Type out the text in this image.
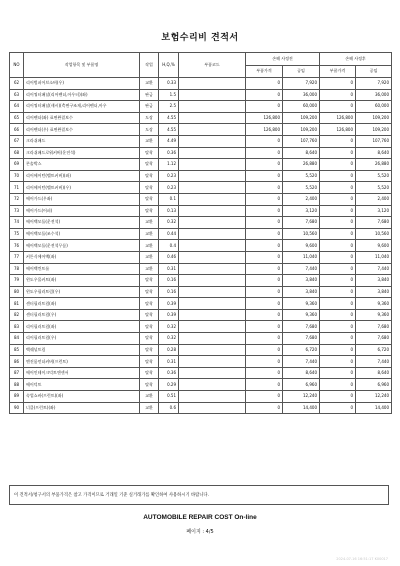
보험수리비 견적서
NO	작업항목 및 부품명	작업	H,Q,%	부품코드	손해 사정전		손해 사정후	
					부품가격	공임	부품가격	공임
62	리어범퍼어브소버(우)	교환	0.33		0	7,920	0	7,920
63	리어쿼터패널(리어펜더,아우터)(좌)	판금	1.5		0	36,000	0	36,000
64	리어쿼터패널(섀시)(측면구조재,리어펜더,아우	판금	2.5		0	60,000	0	60,000
65	리어펜더(좌) 표면완결보수	도장	4.55		126,800	109,200	126,800	109,200
66	리어펜더(우) 표면완결보수	도장	4.55		126,800	109,200	126,800	109,200
67	크라쉬패드	교환	4.49		0	107,760	0	107,760
68	크라쉬패드로워커버(운전석)	탈착	0.36		0	8,640	0	8,640
69	콘솔박스	탈착	1.12		0	26,880	0	26,880
70	리어에어턴(벨트커버)(좌)	탈착	0.23		0	5,520	0	5,520
71	리어에어턴(벨트커버)(우)	탈착	0.23		0	5,520	0	5,520
72	에어가드(우좌)	탈착	0.1		0	2,400	0	2,400
73	에어가드(어퍼)	탈착	0.13		0	3,120	0	3,120
74	에어백모듈(운전석)	교환	0.32		0	7,680	0	7,680
75	에어백모듈(조수석)	교환	0.44		0	10,560	0	10,560
76	에어백모듈(운전석무릎)	교환	0.4		0	9,600	0	9,600
77	커튼식에어백(좌)	교환	0.46		0	11,040	0	11,040
78	에어백컨트롤	교환	0.31		0	7,440	0	7,440
79	윈도우몰커트(좌)	탈착	0.16		0	3,840	0	3,840
80	윈도우필러트림(우)	탈착	0.16		0	3,840	0	3,840
81	센터필러트림(좌)	탈착	0.39		0	9,360	0	9,360
82	센터필러트림(우)	탈착	0.39		0	9,360	0	9,360
83	리어필러트림(좌)	탈착	0.32		0	7,680	0	7,680
84	리어필러트림(우)	탈착	0.32		0	7,680	0	7,680
85	백쉐널트림	탈착	0.28		0	6,720	0	6,720
86	엔진룸언더커버(프런트)	탈착	0.31		0	7,440	0	7,440
87	에어인테이크덕트앤센서	탈착	0.36		0	8,640	0	8,640
88	에어덕트	탈착	0.29		0	6,960	0	6,960
89	속업쇼바(프런트)(좌)	교환	0.51		0	12,240	0	12,240
90	너클(프런트)(좌)	교환	0.6		0	14,400	0	14,400
이 견적서/청구서의 부품가격은 참고 가격이므로 거래일 기준 실거래가를 확인하여 사용하시기 바랍니다.
AUTOMOBILE REPAIR COST On-line
페이지 : 4/5
2024-07-16 16:51:17 K00017
